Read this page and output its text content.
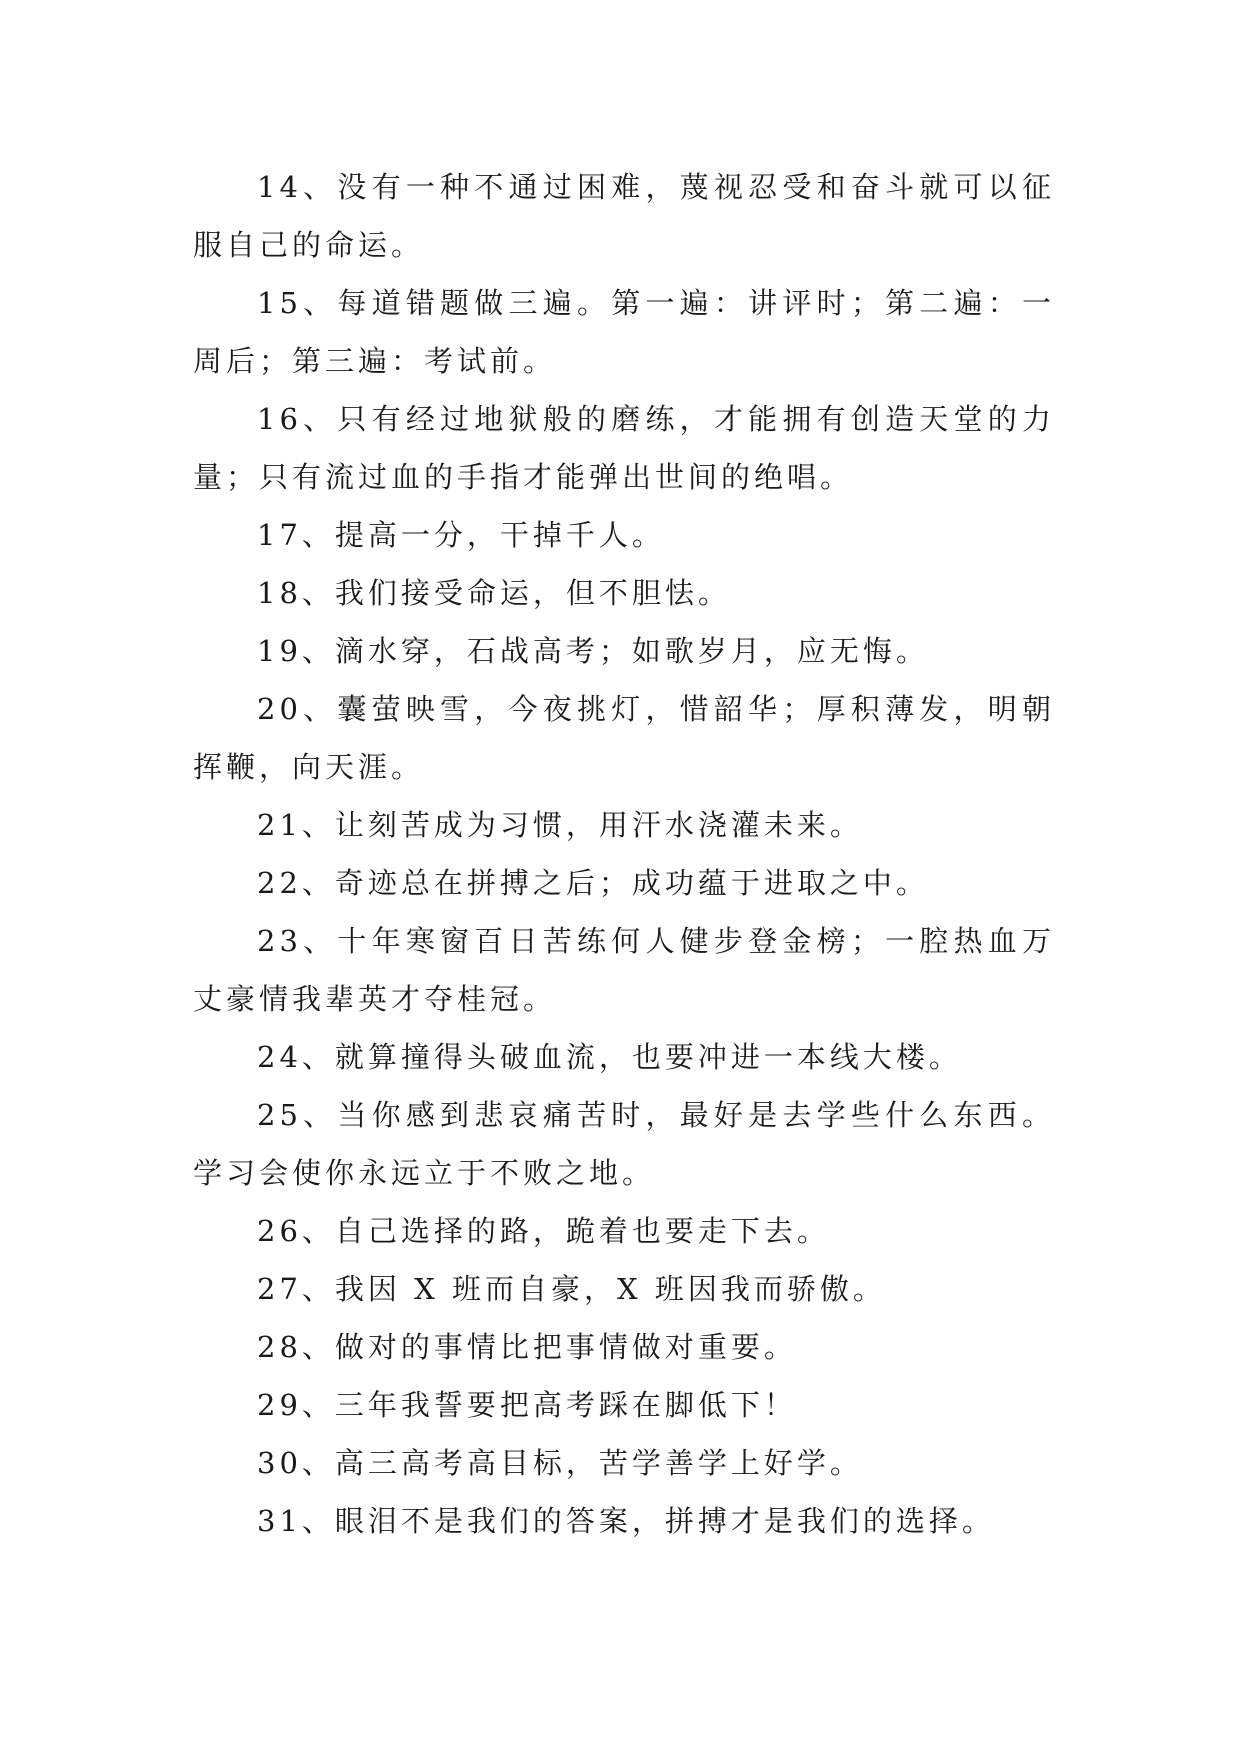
14、没有一种不通过困难，蔑视忍受和奋斗就可以征服自己的命运。

15、每道错题做三遍。第一遍：讲评时；第二遍：一周后；第三遍：考试前。

16、只有经过地狱般的磨练，才能拥有创造天堂的力量；只有流过血的手指才能弹出世间的绝唱。

17、提高一分，干掉千人。

18、我们接受命运，但不胆怯。

19、滴水穿，石战高考；如歌岁月，应无悔。

20、囊萤映雪，今夜挑灯，惜韶华；厚积薄发，明朝挥鞭，向天涯。

21、让刻苦成为习惯，用汗水浇灌未来。

22、奇迹总在拼搏之后；成功蕴于进取之中。

23、十年寒窗百日苦练何人健步登金榜；一腔热血万丈豪情我辈英才夺桂冠。

24、就算撞得头破血流，也要冲进一本线大楼。

25、当你感到悲哀痛苦时，最好是去学些什么东西。学习会使你永远立于不败之地。

26、自己选择的路，跪着也要走下去。

27、我因 X 班而自豪，X 班因我而骄傲。

28、做对的事情比把事情做对重要。

29、三年我誓要把高考踩在脚低下！

30、高三高考高目标，苦学善学上好学。

31、眼泪不是我们的答案，拼搏才是我们的选择。
